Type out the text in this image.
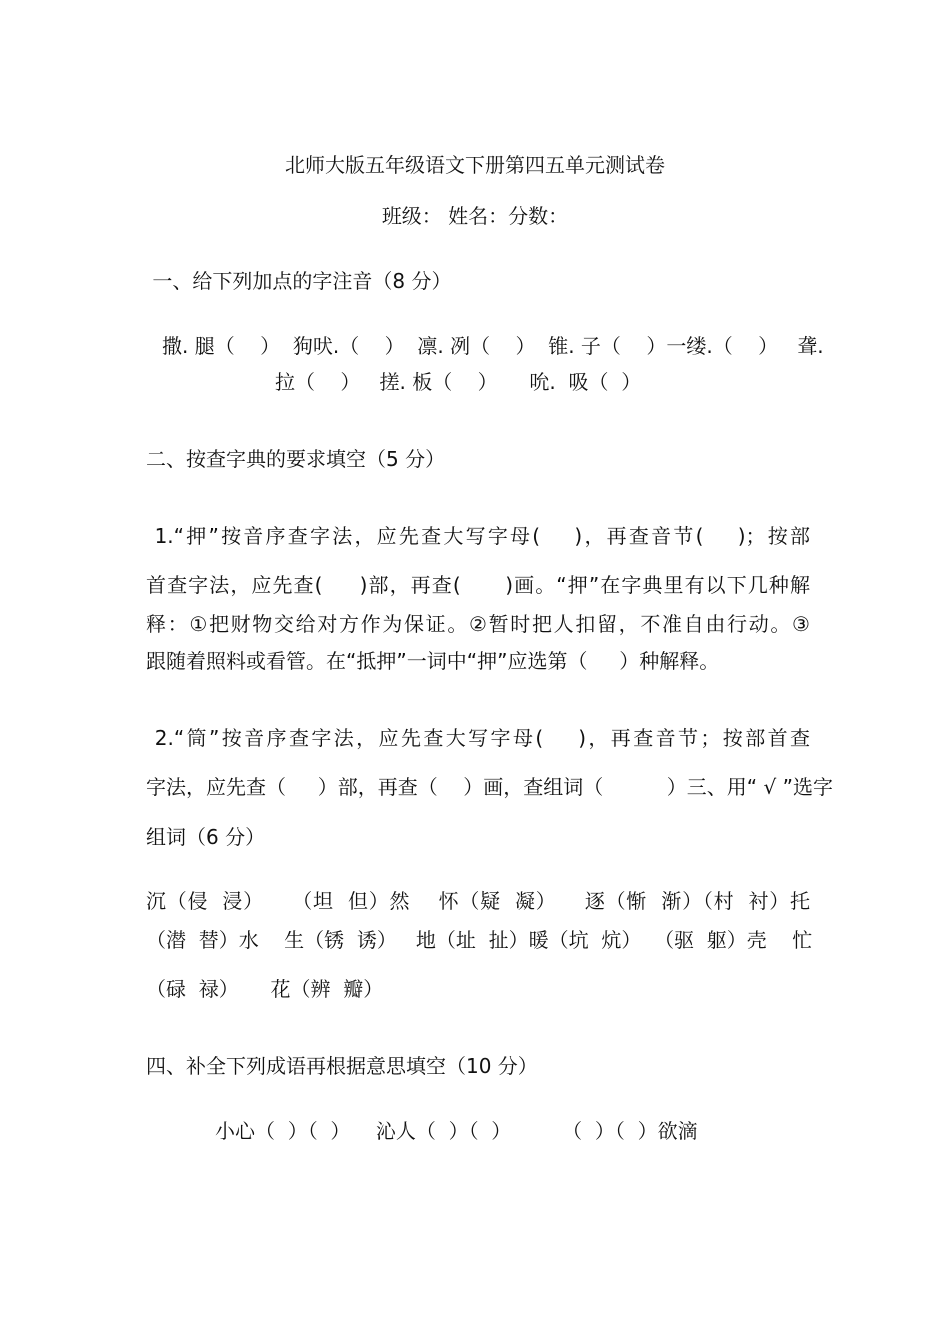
北师大版五年级语文下册第四五单元测试卷
班级： 姓名：分数：
一、给下列加点的字注音（8 分）
撒. 腿（    ）  狗吠.（    ）  凛. 冽（    ）  锥. 子（    ）一缕.（    ）   聋.
拉（    ）   搓. 板（    ）     吮.  吸（  ）
二、按查字典的要求填空（5 分）
1.“押”按音序查字法，应先查大写字母(    )，再查音节(    )；按部
首查字法，应先查(     )部，再查(      )画。“押”在字典里有以下几种解
释：①把财物交给对方作为保证。②暂时把人扣留，不准自由行动。③
跟随着照料或看管。在“抵押”一词中“押”应选第（     ）种解释。
2.“筒”按音序查字法，应先查大写字母(    )，再查音节；按部首查
字法，应先查（     ）部，再查（    ）画，查组词（          ）三、用“ √ ”选字
组词（6 分）
沉（侵  浸）    （坦  但）然    怀（疑  凝）    逐（惭  渐）（村  衬）托
（潜  替）水    生（锈  诱）   地（址  扯）暖（坑  炕）  （驱  躯）壳    忙
（碌  禄）     花（辨  瓣）
四、补全下列成语再根据意思填空（10 分）
小心（  ）（  ）    沁人（  ）（  ）        （  ）（  ）欲滴
